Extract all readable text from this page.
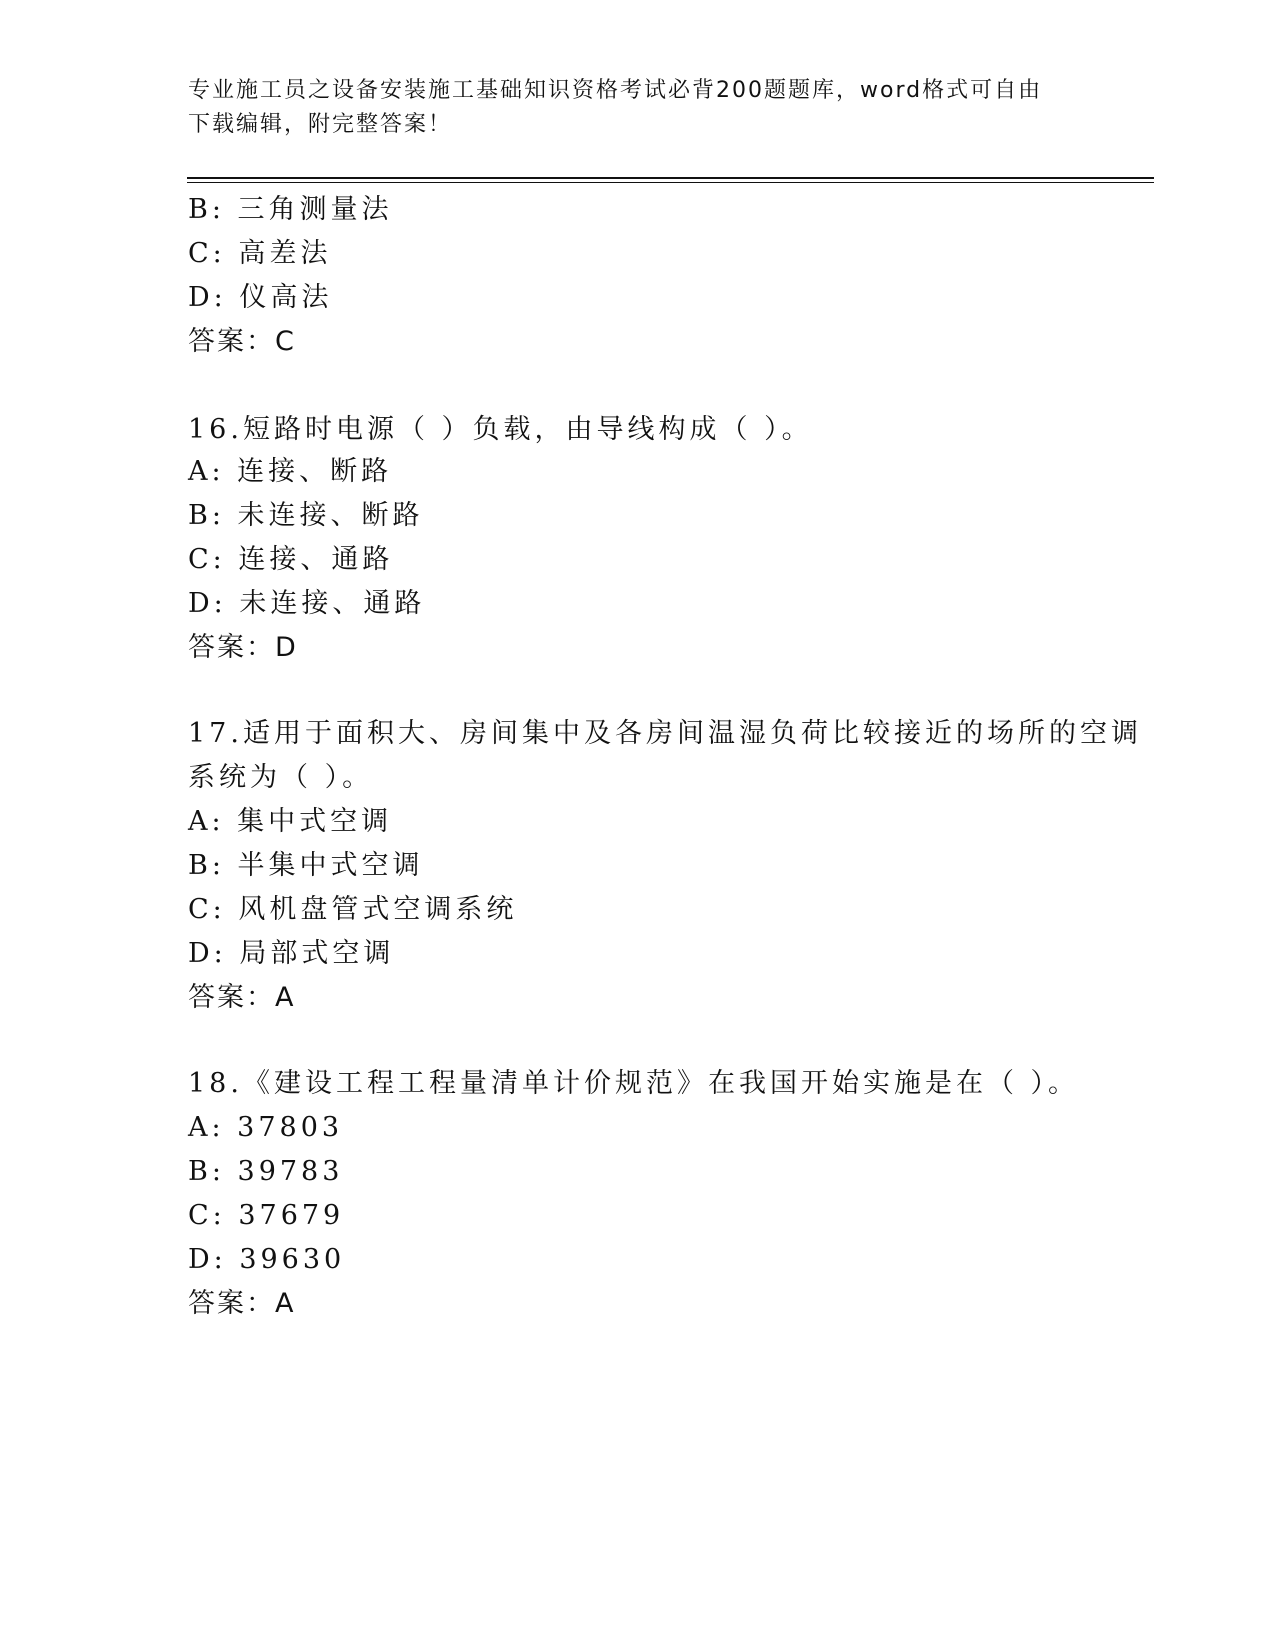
专业施工员之设备安装施工基础知识资格考试必背200题题库，word格式可自由
下载编辑，附完整答案！
B: 三角测量法
C: 高差法
D: 仪高法
答案：C
16.短路时电源（ ）负载，由导线构成（ ）。
A: 连接、断路
B: 未连接、断路
C: 连接、通路
D: 未连接、通路
答案：D
17.适用于面积大、房间集中及各房间温湿负荷比较接近的场所的空调
系统为（ ）。
A: 集中式空调
B: 半集中式空调
C: 风机盘管式空调系统
D: 局部式空调
答案：A
18.《建设工程工程量清单计价规范》在我国开始实施是在（ ）。
A: 37803
B: 39783
C: 37679
D: 39630
答案：A
